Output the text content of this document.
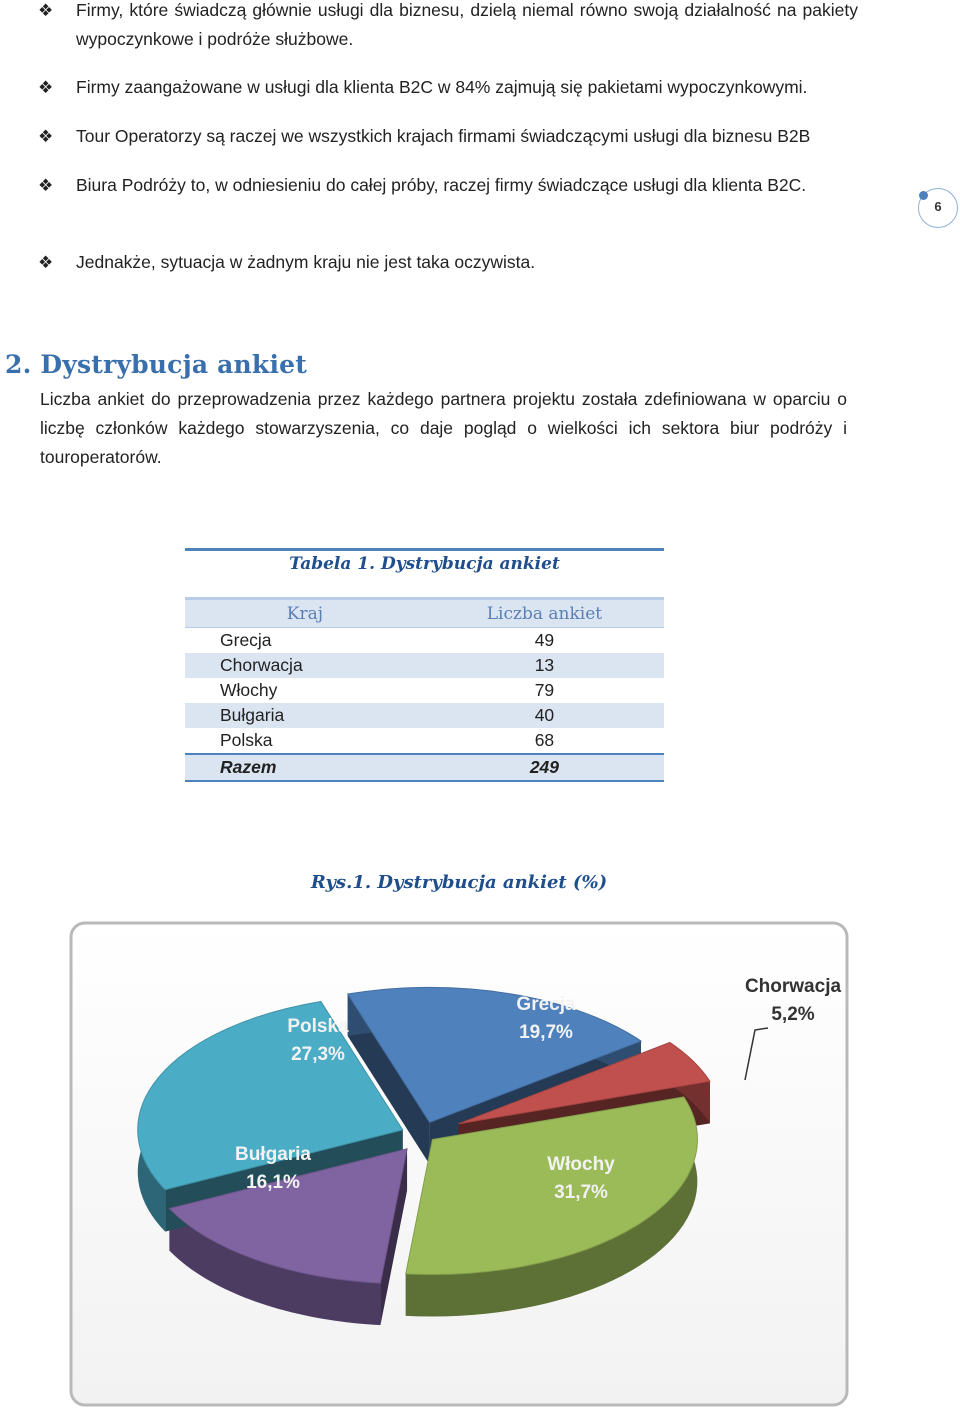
❖	Firmy, które świadczą głównie usługi dla biznesu, dzielą niemal równo swoją działalność na pakiety wypoczynkowe i podróże służbowe.
❖	Firmy zaangażowane w usługi dla klienta B2C w 84% zajmują się pakietami wypoczynkowymi.
❖	Tour Operatorzy są raczej we wszystkich krajach firmami świadczącymi usługi dla biznesu B2B
❖	Biura Podróży to, w odniesieniu do całej próby, raczej firmy świadczące usługi dla klienta B2C.
❖	Jednakże, sytuacja w żadnym kraju nie jest taka oczywista.
6
2. Dystrybucja ankiet
Liczba ankiet do przeprowadzenia przez każdego partnera projektu została zdefiniowana w oparciu o liczbę członków każdego stowarzyszenia, co daje pogląd o wielkości ich sektora biur podróży i touroperatorów.
Tabela 1. Dystrybucja ankiet
Kraj	Liczba ankiet
Grecja	49
Chorwacja	13
Włochy	79
Bułgaria	40
Polska	68
Razem	249
Rys.1. Dystrybucja ankiet (%)
Grecja
19,7%
Chorwacja
5,2%
Włochy
31,7%
Bułgaria
16,1%
Polska
27,3%
